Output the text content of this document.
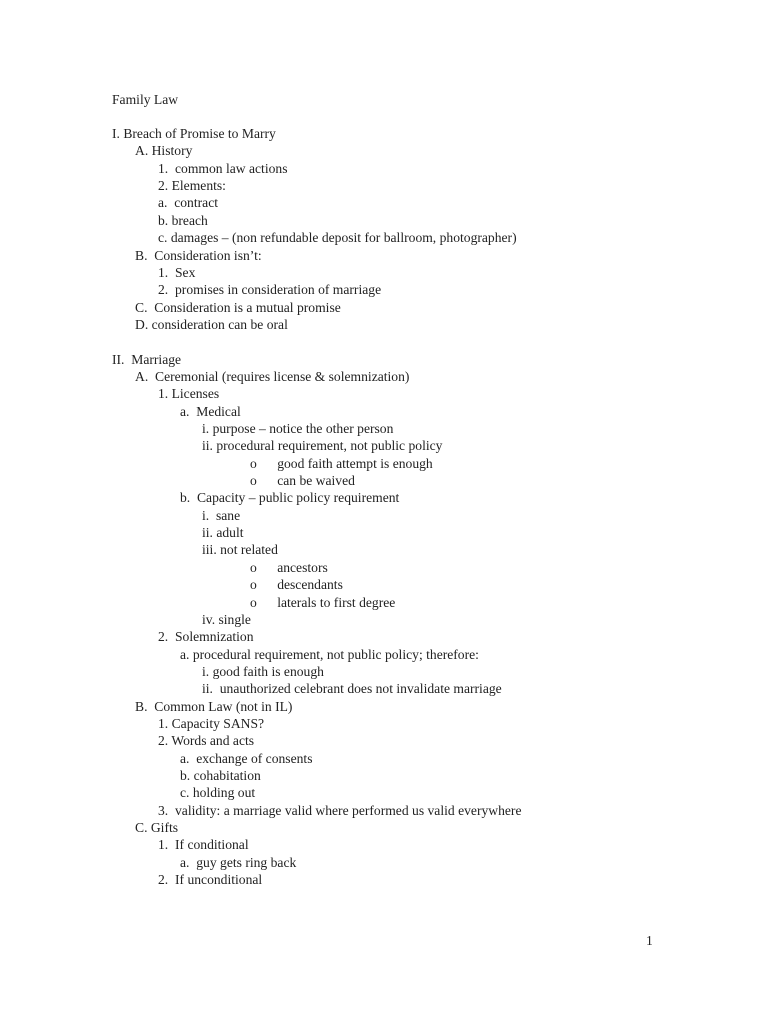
Family Law
I. Breach of Promise to Marry
A. History
1.  common law actions
2. Elements:
a.  contract
b. breach
c. damages – (non refundable deposit for ballroom, photographer)
B.  Consideration isn’t:
1.  Sex
2.  promises in consideration of marriage
C.  Consideration is a mutual promise
D. consideration can be oral
II.  Marriage
A.  Ceremonial (requires license & solemnization)
1. Licenses
a.  Medical
i. purpose – notice the other person
ii. procedural requirement, not public policy
o      good faith attempt is enough
o      can be waived
b.  Capacity – public policy requirement
i.  sane
ii. adult
iii. not related
o      ancestors
o      descendants
o      laterals to first degree
iv. single
2.  Solemnization
a. procedural requirement, not public policy; therefore:
i. good faith is enough
ii.  unauthorized celebrant does not invalidate marriage
B.  Common Law (not in IL)
1. Capacity SANS?
2. Words and acts
a.  exchange of consents
b. cohabitation
c. holding out
3.  validity: a marriage valid where performed us valid everywhere
C. Gifts
1.  If conditional
a.  guy gets ring back
2.  If unconditional
1
